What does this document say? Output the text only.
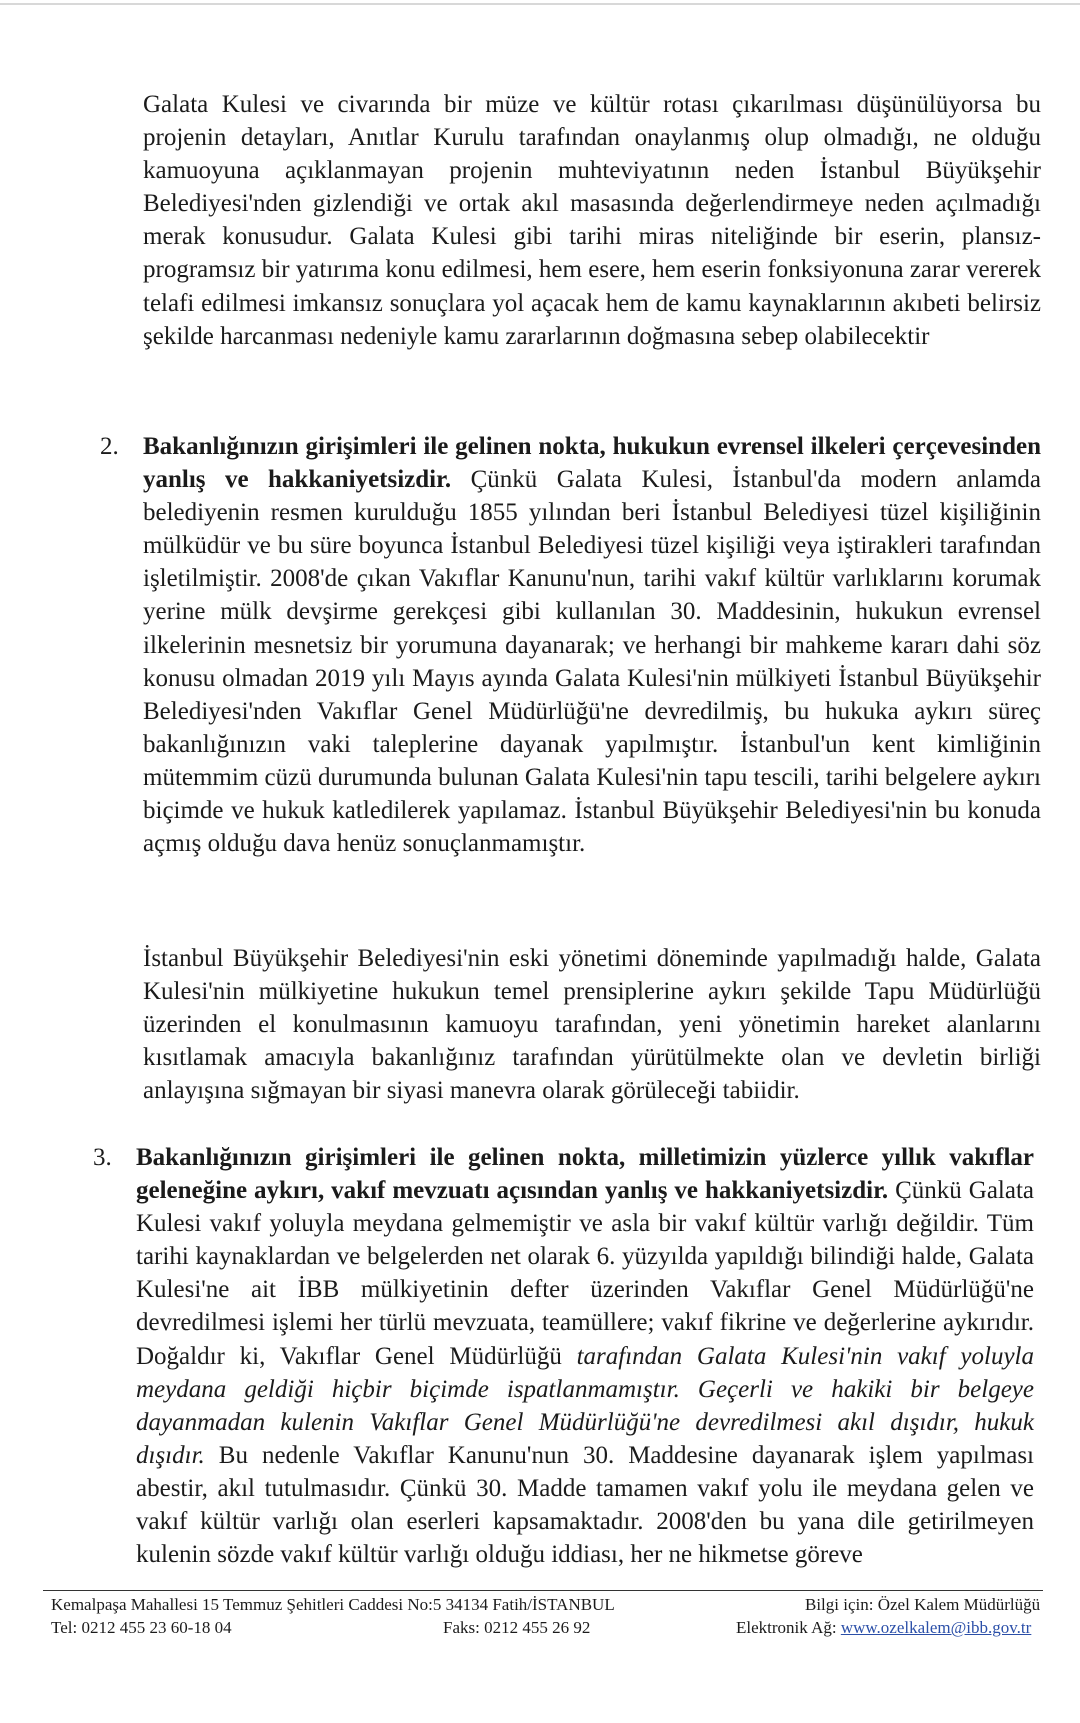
Galata Kulesi ve civarında bir müze ve kültür rotası çıkarılması düşünülüyorsa bu projenin detayları, Anıtlar Kurulu tarafından onaylanmış olup olmadığı, ne olduğu kamuoyuna açıklanmayan projenin muhteviyatının neden İstanbul Büyükşehir Belediyesi'nden gizlendiği ve ortak akıl masasında değerlendirmeye neden açılmadığı merak konusudur. Galata Kulesi gibi tarihi miras niteliğinde bir eserin, plansız-programsız bir yatırıma konu edilmesi, hem esere, hem eserin fonksiyonuna zarar vererek telafi edilmesi imkansız sonuçlara yol açacak hem de kamu kaynaklarının akıbeti belirsiz şekilde harcanması nedeniyle kamu zararlarının doğmasına sebep olabilecektir

2. Bakanlığınızın girişimleri ile gelinen nokta, hukukun evrensel ilkeleri çerçevesinden yanlış ve hakkaniyetsizdir. Çünkü Galata Kulesi, İstanbul'da modern anlamda belediyenin resmen kurulduğu 1855 yılından beri İstanbul Belediyesi tüzel kişiliğinin mülküdür ve bu süre boyunca İstanbul Belediyesi tüzel kişiliği veya iştirakleri tarafından işletilmiştir. 2008'de çıkan Vakıflar Kanunu'nun, tarihi vakıf kültür varlıklarını korumak yerine mülk devşirme gerekçesi gibi kullanılan 30. Maddesinin, hukukun evrensel ilkelerinin mesnetsiz bir yorumuna dayanarak; ve herhangi bir mahkeme kararı dahi söz konusu olmadan 2019 yılı Mayıs ayında Galata Kulesi'nin mülkiyeti İstanbul Büyükşehir Belediyesi'nden Vakıflar Genel Müdürlüğü'ne devredilmiş, bu hukuka aykırı süreç bakanlığınızın vaki taleplerine dayanak yapılmıştır. İstanbul'un kent kimliğinin mütemmim cüzü durumunda bulunan Galata Kulesi'nin tapu tescili, tarihi belgelere aykırı biçimde ve hukuk katledilerek yapılamaz. İstanbul Büyükşehir Belediyesi'nin bu konuda açmış olduğu dava henüz sonuçlanmamıştır.

İstanbul Büyükşehir Belediyesi'nin eski yönetimi döneminde yapılmadığı halde, Galata Kulesi'nin mülkiyetine hukukun temel prensiplerine aykırı şekilde Tapu Müdürlüğü üzerinden el konulmasının kamuoyu tarafından, yeni yönetimin hareket alanlarını kısıtlamak amacıyla bakanlığınız tarafından yürütülmekte olan ve devletin birliği anlayışına sığmayan bir siyasi manevra olarak görüleceği tabiidir.

3. Bakanlığınızın girişimleri ile gelinen nokta, milletimizin yüzlerce yıllık vakıflar geleneğine aykırı, vakıf mevzuatı açısından yanlış ve hakkaniyetsizdir. Çünkü Galata Kulesi vakıf yoluyla meydana gelmemiştir ve asla bir vakıf kültür varlığı değildir. Tüm tarihi kaynaklardan ve belgelerden net olarak 6. yüzyılda yapıldığı bilindiği halde, Galata Kulesi'ne ait İBB mülkiyetinin defter üzerinden Vakıflar Genel Müdürlüğü'ne devredilmesi işlemi her türlü mevzuata, teamüllere; vakıf fikrine ve değerlerine aykırıdır. Doğaldır ki, Vakıflar Genel Müdürlüğü tarafından Galata Kulesi'nin vakıf yoluyla meydana geldiği hiçbir biçimde ispatlanmamıştır. Geçerli ve hakiki bir belgeye dayanmadan kulenin Vakıflar Genel Müdürlüğü'ne devredilmesi akıl dışıdır, hukuk dışıdır. Bu nedenle Vakıflar Kanunu'nun 30. Maddesine dayanarak işlem yapılması abestir, akıl tutulmasıdır. Çünkü 30. Madde tamamen vakıf yolu ile meydana gelen ve vakıf kültür varlığı olan eserleri kapsamaktadır. 2008'den bu yana dile getirilmeyen kulenin sözde vakıf kültür varlığı olduğu iddiası, her ne hikmetse göreve

Kemalpaşa Mahallesi 15 Temmuz Şehitleri Caddesi No:5 34134 Fatih/İSTANBUL	Bilgi için: Özel Kalem Müdürlüğü
Tel: 0212 455 23 60-18 04	Faks: 0212 455 26 92	Elektronik Ağ: www.ozelkalem@ibb.gov.tr
